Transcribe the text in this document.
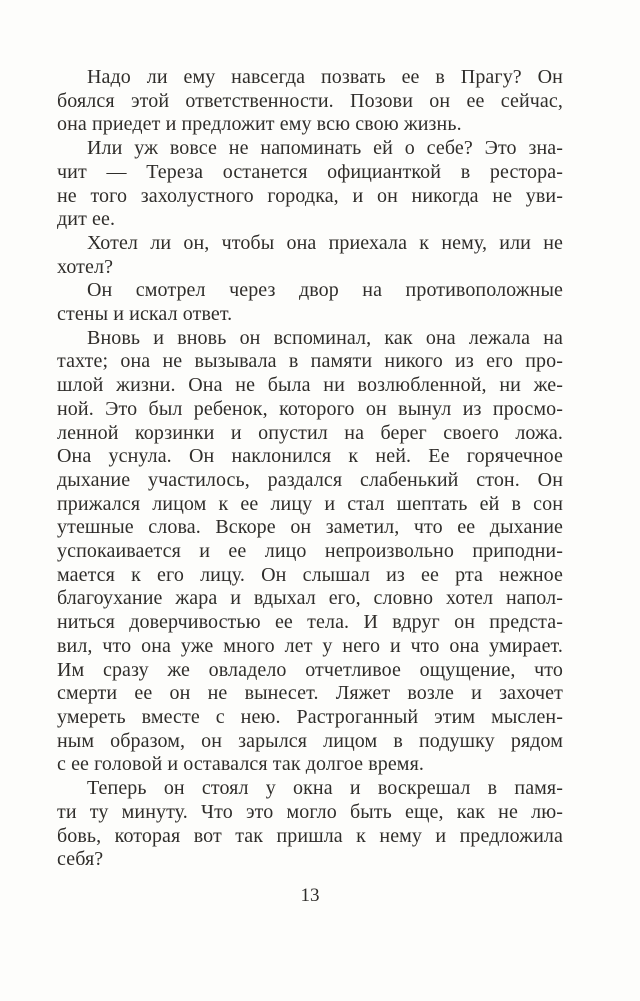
Надо ли ему навсегда позвать ее в Прагу? Он
боялся этой ответственности. Позови он ее сейчас,
она приедет и предложит ему всю свою жизнь.
Или уж вовсе не напоминать ей о себе? Это зна-
чит — Тереза останется официанткой в рестора-
не того захолустного городка, и он никогда не уви-
дит ее.
Хотел ли он, чтобы она приехала к нему, или не
хотел?
Он смотрел через двор на противоположные
стены и искал ответ.
Вновь и вновь он вспоминал, как она лежала на
тахте; она не вызывала в памяти никого из его про-
шлой жизни. Она не была ни возлюбленной, ни же-
ной. Это был ребенок, которого он вынул из просмо-
ленной корзинки и опустил на берег своего ложа.
Она уснула. Он наклонился к ней. Ее горячечное
дыхание участилось, раздался слабенький стон. Он
прижался лицом к ее лицу и стал шептать ей в сон
утешные слова. Вскоре он заметил, что ее дыхание
успокаивается и ее лицо непроизвольно приподни-
мается к его лицу. Он слышал из ее рта нежное
благоухание жара и вдыхал его, словно хотел напол-
ниться доверчивостью ее тела. И вдруг он предста-
вил, что она уже много лет у него и что она умирает.
Им сразу же овладело отчетливое ощущение, что
смерти ее он не вынесет. Ляжет возле и захочет
умереть вместе с нею. Растроганный этим мыслен-
ным образом, он зарылся лицом в подушку рядом
с ее головой и оставался так долгое время.
Теперь он стоял у окна и воскрешал в памя-
ти ту минуту. Что это могло быть еще, как не лю-
бовь, которая вот так пришла к нему и предложила
себя?
13
